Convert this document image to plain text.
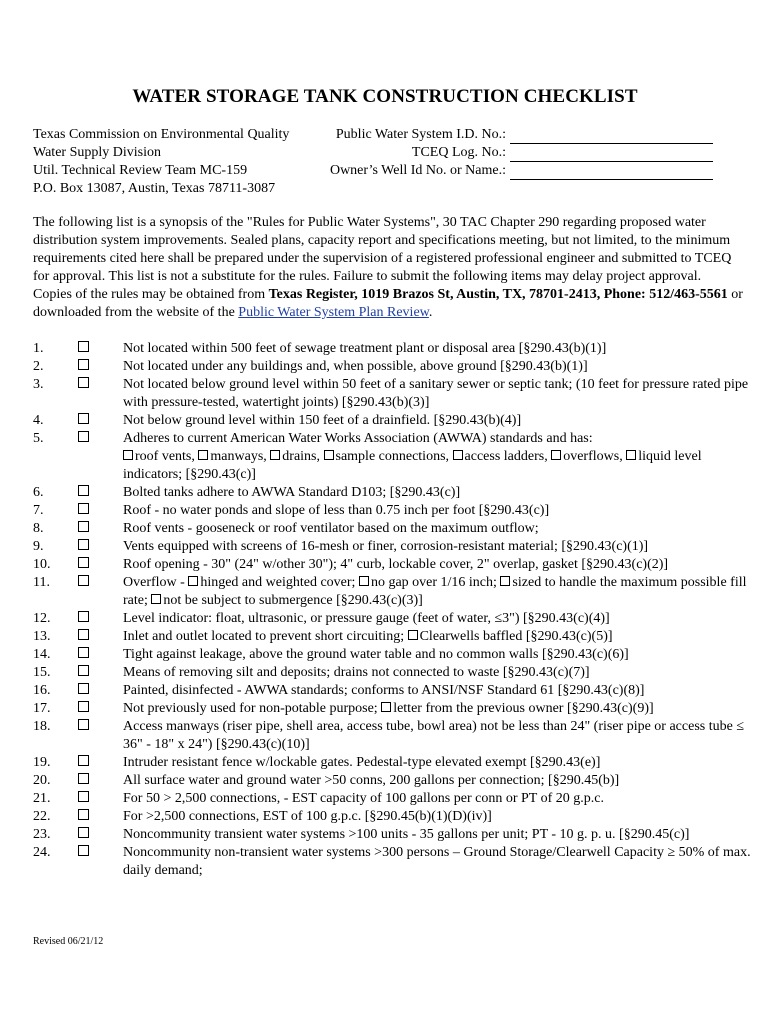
WATER STORAGE TANK CONSTRUCTION CHECKLIST
Texas Commission on Environmental Quality
Water Supply Division
Util. Technical Review Team MC-159
P.O. Box 13087, Austin, Texas 78711-3087
Public Water System I.D. No.:
TCEQ Log. No.:
Owner’s Well Id No. or Name.:
The following list is a synopsis of the "Rules for Public Water Systems", 30 TAC Chapter 290 regarding proposed water distribution system improvements. Sealed plans, capacity report and specifications meeting, but not limited, to the minimum requirements cited here shall be prepared under the supervision of a registered professional engineer and submitted to TCEQ for approval. This list is not a substitute for the rules. Failure to submit the following items may delay project approval. Copies of the rules may be obtained from Texas Register, 1019 Brazos St, Austin, TX, 78701-2413, Phone: 512/463-5561 or downloaded from the website of the Public Water System Plan Review.
1.	Not located within 500 feet of sewage treatment plant or disposal area [§290.43(b)(1)]
2.	Not located under any buildings and, when possible, above ground [§290.43(b)(1)]
3.	Not located below ground level within 50 feet of a sanitary sewer or septic tank; (10 feet for pressure rated pipe with pressure-tested, watertight joints) [§290.43(b)(3)]
4.	Not below ground level within 150 feet of a drainfield. [§290.43(b)(4)]
5.	Adheres to current American Water Works Association (AWWA) standards and has:
roof vents, manways, drains, sample connections, access ladders, overflows, liquid level indicators; [§290.43(c)]
6.	Bolted tanks adhere to AWWA Standard D103; [§290.43(c)]
7.	Roof - no water ponds and slope of less than 0.75 inch per foot [§290.43(c)]
8.	Roof vents - gooseneck or roof ventilator based on the maximum outflow;
9.	Vents equipped with screens of 16-mesh or finer, corrosion-resistant material; [§290.43(c)(1)]
10.	Roof opening - 30" (24" w/other 30"); 4" curb, lockable cover, 2" overlap, gasket [§290.43(c)(2)]
11.	Overflow - hinged and weighted cover; no gap over 1/16 inch; sized to handle the maximum possible fill rate; not be subject to submergence [§290.43(c)(3)]
12.	Level indicator: float, ultrasonic, or pressure gauge (feet of water, ≤3") [§290.43(c)(4)]
13.	Inlet and outlet located to prevent short circuiting; Clearwells baffled [§290.43(c)(5)]
14.	Tight against leakage, above the ground water table and no common walls [§290.43(c)(6)]
15.	Means of removing silt and deposits; drains not connected to waste [§290.43(c)(7)]
16.	Painted, disinfected - AWWA standards; conforms to ANSI/NSF Standard 61 [§290.43(c)(8)]
17.	Not previously used for non-potable purpose; letter from the previous owner [§290.43(c)(9)]
18.	Access manways (riser pipe, shell area, access tube, bowl area) not be less than 24" (riser pipe or access tube ≤ 36" - 18" x 24") [§290.43(c)(10)]
19.	Intruder resistant fence w/lockable gates. Pedestal-type elevated exempt [§290.43(e)]
20.	All surface water and ground water >50 conns, 200 gallons per connection; [§290.45(b)]
21.	For 50 > 2,500 connections, - EST capacity of 100 gallons per conn or PT of 20 g.p.c.
22.	For >2,500 connections, EST of 100 g.p.c. [§290.45(b)(1)(D)(iv)]
23.	Noncommunity transient water systems >100 units - 35 gallons per unit; PT - 10 g. p. u. [§290.45(c)]
24.	Noncommunity non-transient water systems >300 persons – Ground Storage/Clearwell Capacity ≥ 50% of max. daily demand;
Revised 06/21/12
